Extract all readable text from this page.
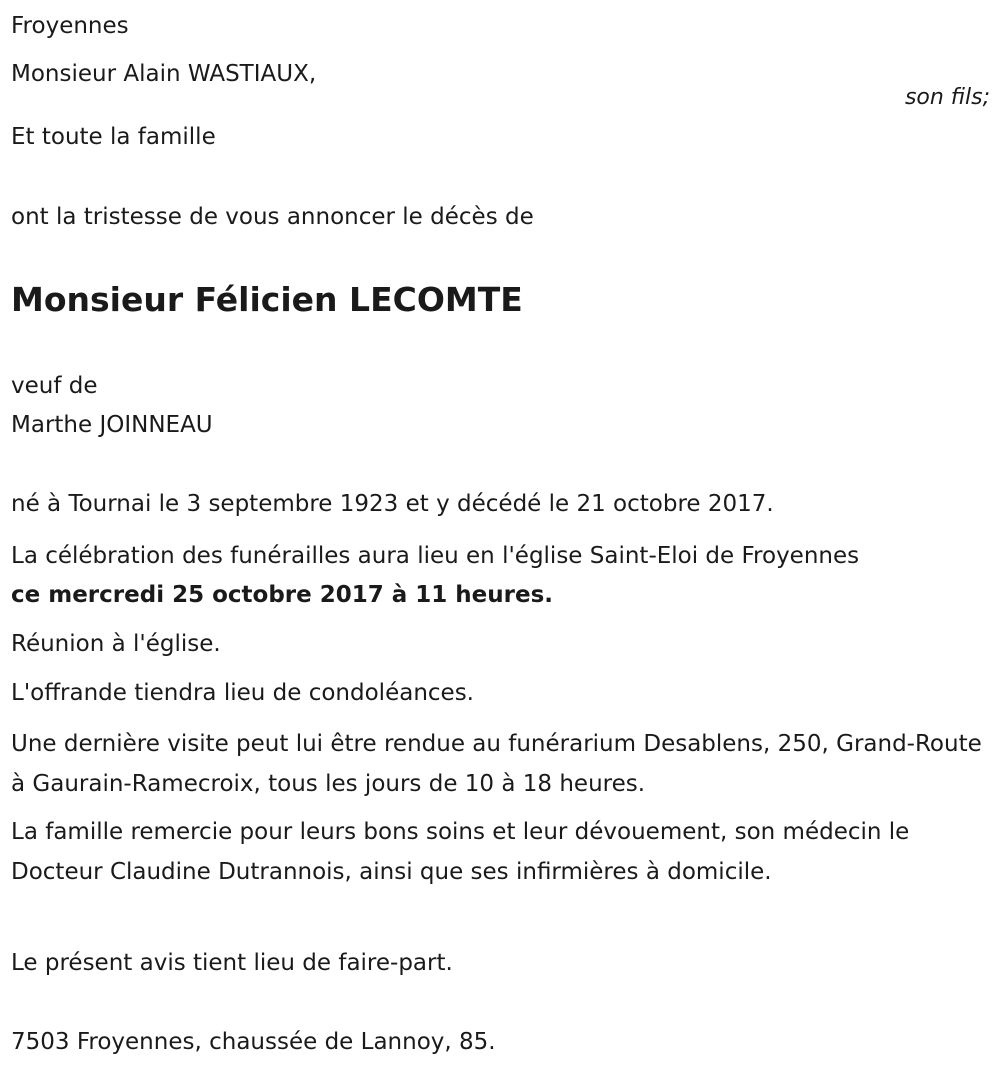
Froyennes
Monsieur Alain WASTIAUX,
Et toute la famille
ont la tristesse de vous annoncer le décès de
Monsieur Félicien LECOMTE
veuf de
Marthe JOINNEAU
né à Tournai le 3 septembre 1923 et y décédé le 21 octobre 2017.
La célébration des funérailles aura lieu en l'église Saint-Eloi de Froyennes
ce mercredi 25 octobre 2017 à 11 heures.
Réunion à l'église.
L'offrande tiendra lieu de condoléances.
Une dernière visite peut lui être rendue au funérarium Desablens, 250, Grand-Route à Gaurain-Ramecroix, tous les jours de 10 à 18 heures.
La famille remercie pour leurs bons soins et leur dévouement, son médecin le Docteur Claudine Dutrannois, ainsi que ses infirmières à domicile.
Le présent avis tient lieu de faire-part.
7503 Froyennes, chaussée de Lannoy, 85.
son fils;
